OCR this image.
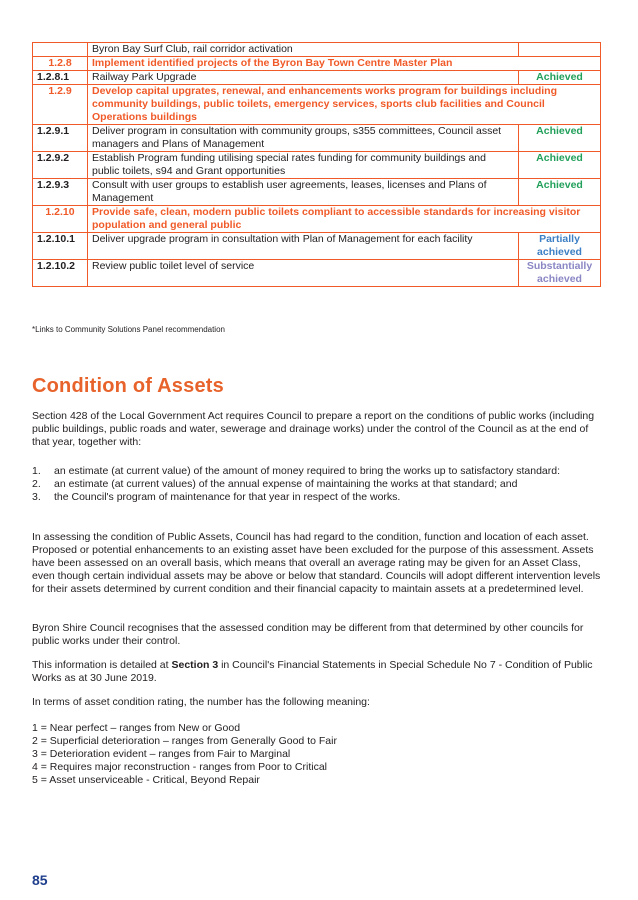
	Byron Bay Surf Club, rail corridor activation	
1.2.8	Implement identified projects of the Byron Bay Town Centre Master Plan	
1.2.8.1	Railway Park Upgrade	Achieved
1.2.9	Develop capital upgrates, renewal, and enhancements works program for buildings including community buildings, public toilets, emergency services, sports club facilities and Council Operations buildings	
1.2.9.1	Deliver program in consultation with community groups, s355 committees, Council asset managers and Plans of Management	Achieved
1.2.9.2	Establish Program funding utilising special rates funding for community buildings and public toilets, s94 and Grant opportunities	Achieved
1.2.9.3	Consult with user groups to establish user agreements, leases, licenses and Plans of Management	Achieved
1.2.10	Provide safe, clean, modern public toilets compliant to accessible standards for increasing visitor population and general public	
1.2.10.1	Deliver upgrade program in consultation with Plan of Management for each facility	Partially achieved
1.2.10.2	Review public toilet level of service	Substantially achieved
*Links to Community Solutions Panel recommendation
Condition of Assets

Section 428 of the Local Government Act requires Council to prepare a report on the conditions of public works (including public buildings, public roads and water, sewerage and drainage works) under the control of the Council as at the end of that year, together with:

1. an estimate (at current value) of the amount of money required to bring the works up to satisfactory standard:
2. an estimate (at current values) of the annual expense of maintaining the works at that standard; and
3. the Council's program of maintenance for that year in respect of the works.

In assessing the condition of Public Assets, Council has had regard to the condition, function and location of each asset. Proposed or potential enhancements to an existing asset have been excluded for the purpose of this assessment. Assets have been assessed on an overall basis, which means that overall an average rating may be given for an Asset Class, even though certain individual assets may be above or below that standard. Councils will adopt different intervention levels for their assets determined by current condition and their financial capacity to maintain assets at a predetermined level.

Byron Shire Council recognises that the assessed condition may be different from that determined by other councils for public works under their control.

This information is detailed at Section 3 in Council's Financial Statements in Special Schedule No 7 - Condition of Public Works as at 30 June 2019.

In terms of asset condition rating, the number has the following meaning:

1 = Near perfect – ranges from New or Good
2 = Superficial deterioration – ranges from Generally Good to Fair
3 = Deterioration evident – ranges from Fair to Marginal
4 = Requires major reconstruction - ranges from Poor to Critical
5 = Asset unserviceable - Critical, Beyond Repair
85
